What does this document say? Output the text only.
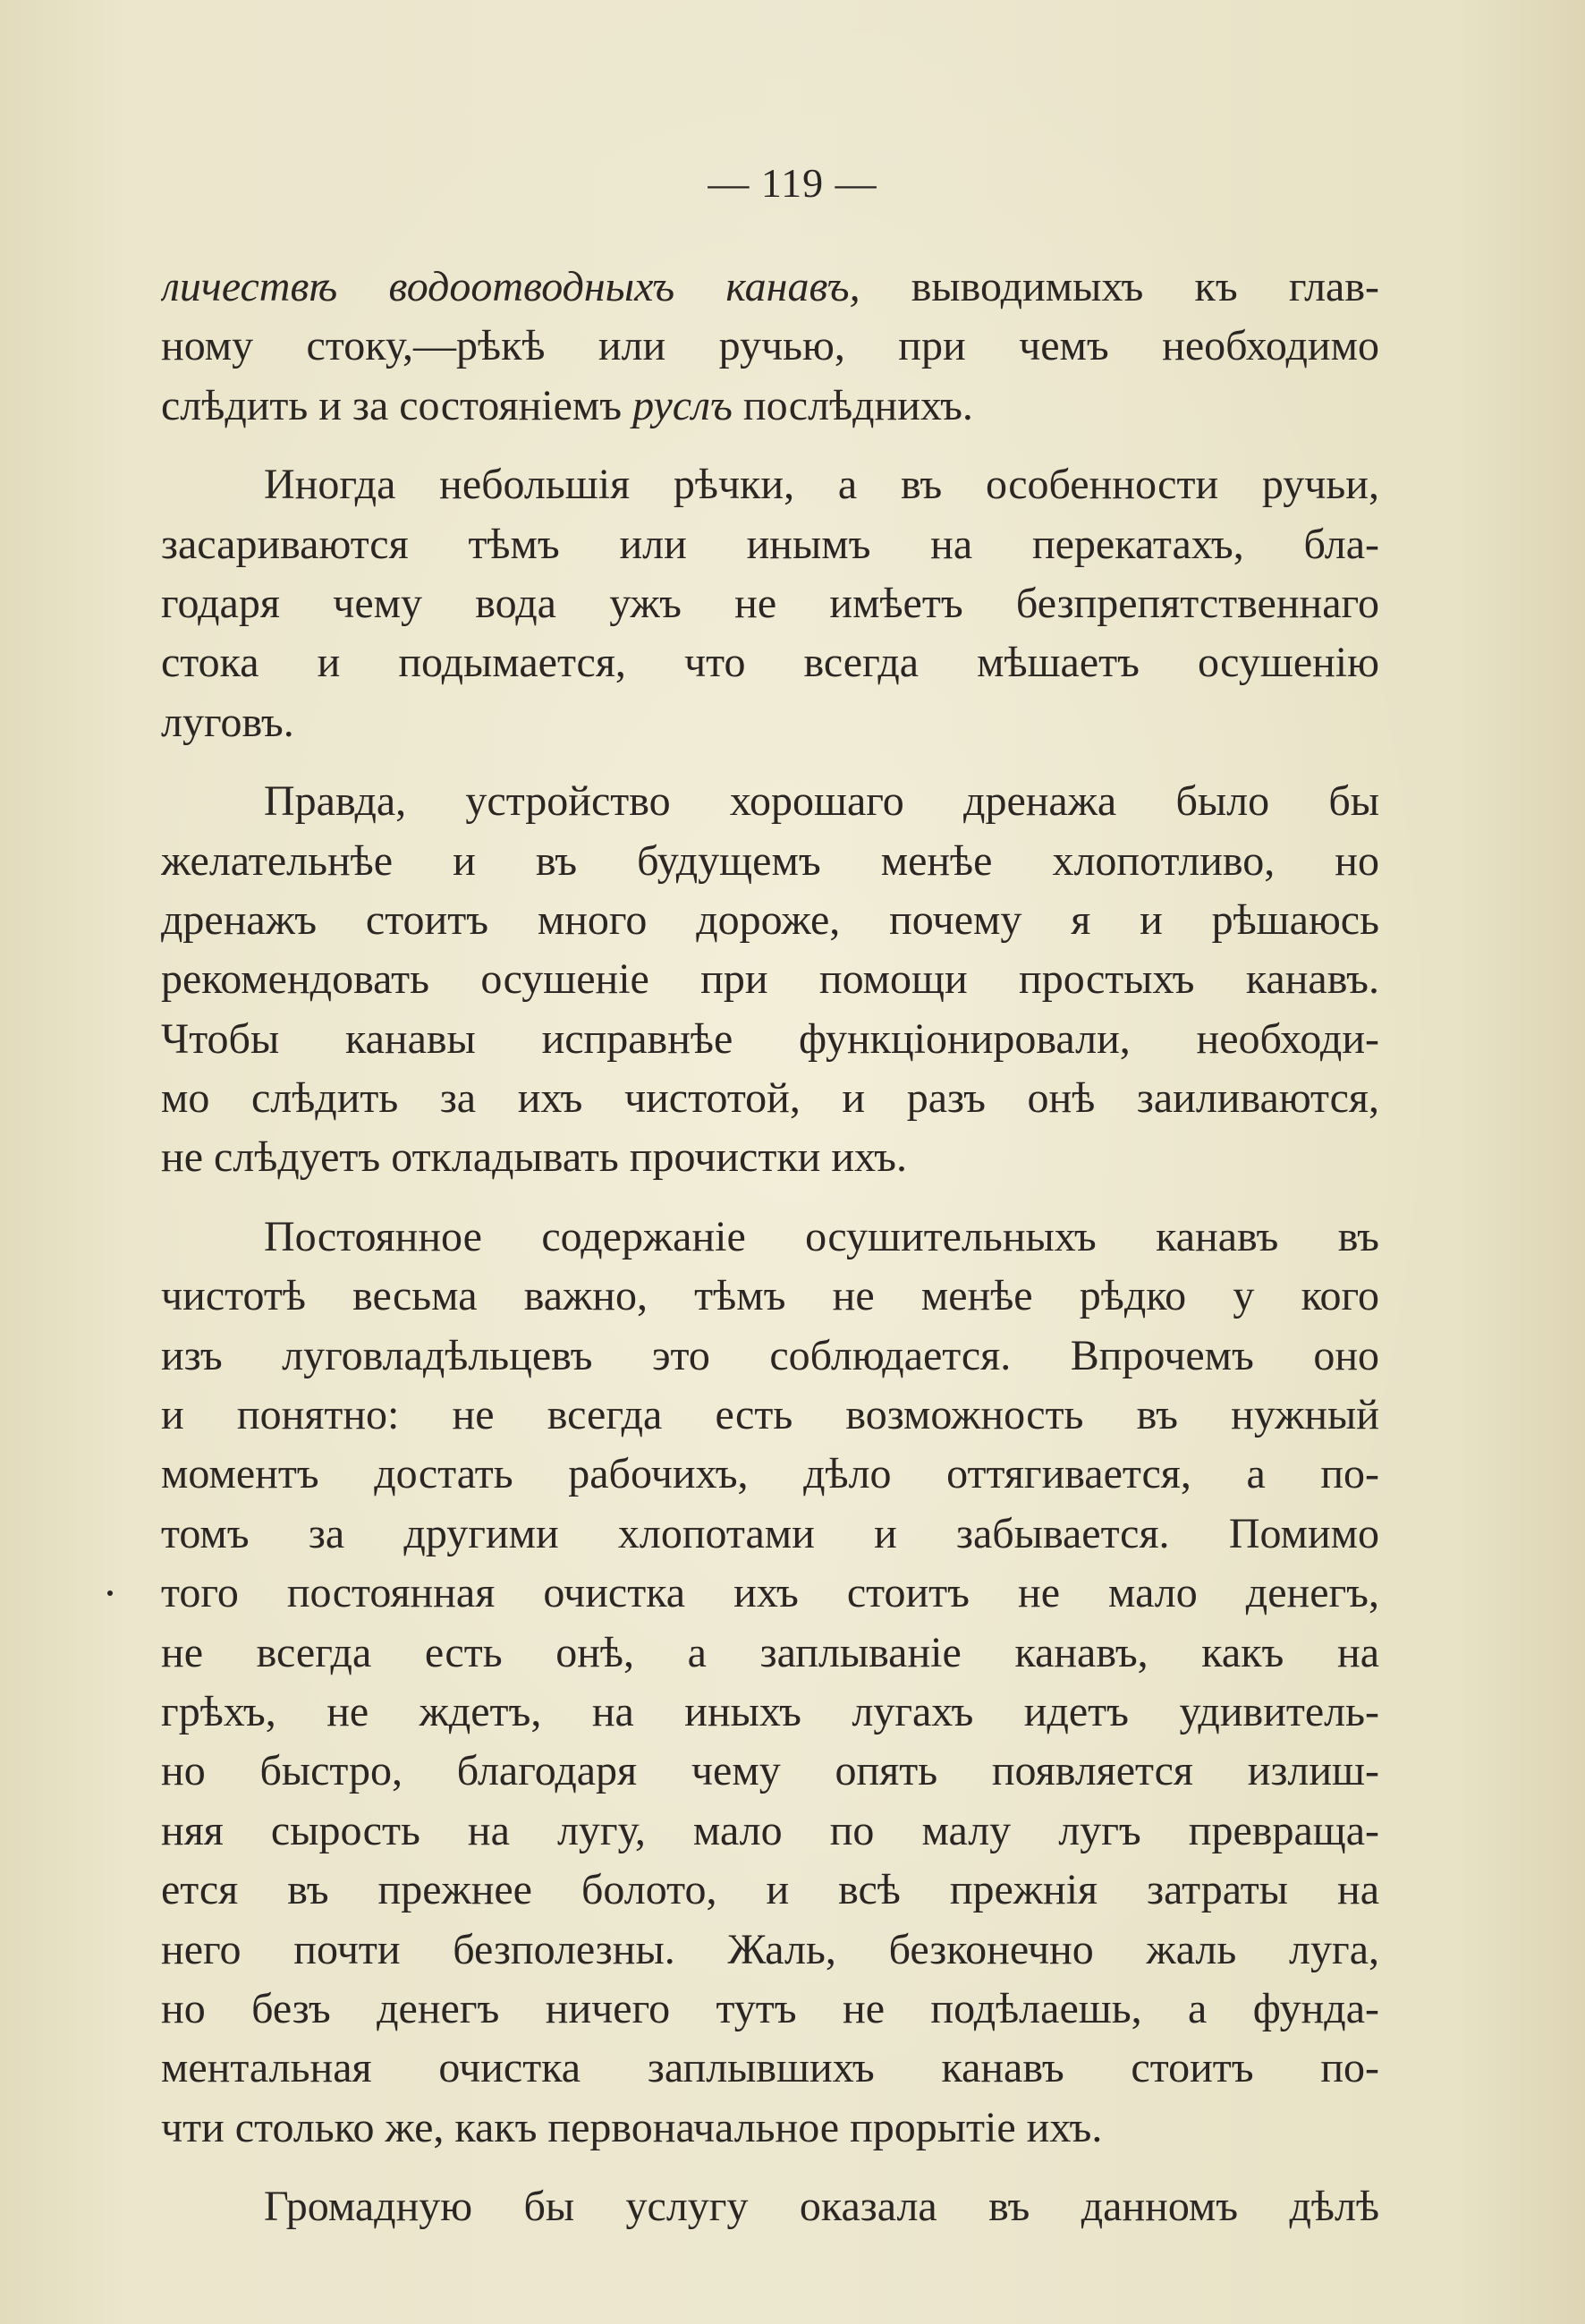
— 119 —
личествѣ водоотводныхъ канавъ, выводимыхъ къ глав-
ному стоку,—рѣкѣ или ручью, при чемъ необходимо
слѣдить и за состояніемъ руслъ послѣднихъ.
Иногда небольшія рѣчки, а въ особенности ручьи,
засариваются тѣмъ или инымъ на перекатахъ, бла-
годаря чему вода ужъ не имѣетъ безпрепятственнаго
стока и подымается, что всегда мѣшаетъ осушенію
луговъ.
Правда, устройство хорошаго дренажа было бы
желательнѣе и въ будущемъ менѣе хлопотливо, но
дренажъ стоитъ много дороже, почему я и рѣшаюсь
рекомендовать осушеніе при помощи простыхъ канавъ.
Чтобы канавы исправнѣе функціонировали, необходи-
мо слѣдить за ихъ чистотой, и разъ онѣ заиливаются,
не слѣдуетъ откладывать прочистки ихъ.
Постоянное содержаніе осушительныхъ канавъ въ
чистотѣ весьма важно, тѣмъ не менѣе рѣдко у кого
изъ луговладѣльцевъ это соблюдается. Впрочемъ оно
и понятно: не всегда есть возможность въ нужный
моментъ достать рабочихъ, дѣло оттягивается, а по-
томъ за другими хлопотами и забывается. Помимо
того постоянная очистка ихъ стоитъ не мало денегъ,
не всегда есть онѣ, а заплываніе канавъ, какъ на
грѣхъ, не ждетъ, на иныхъ лугахъ идетъ удивитель-
но быстро, благодаря чему опять появляется излиш-
няя сырость на лугу, мало по малу лугъ превраща-
ется въ прежнее болото, и всѣ прежнія затраты на
него почти безполезны. Жаль, безконечно жаль луга,
но безъ денегъ ничего тутъ не подѣлаешь, а фунда-
ментальная очистка заплывшихъ канавъ стоитъ по-
чти столько же, какъ первоначальное прорытіе ихъ.
Громадную бы услугу оказала въ данномъ дѣлѣ
